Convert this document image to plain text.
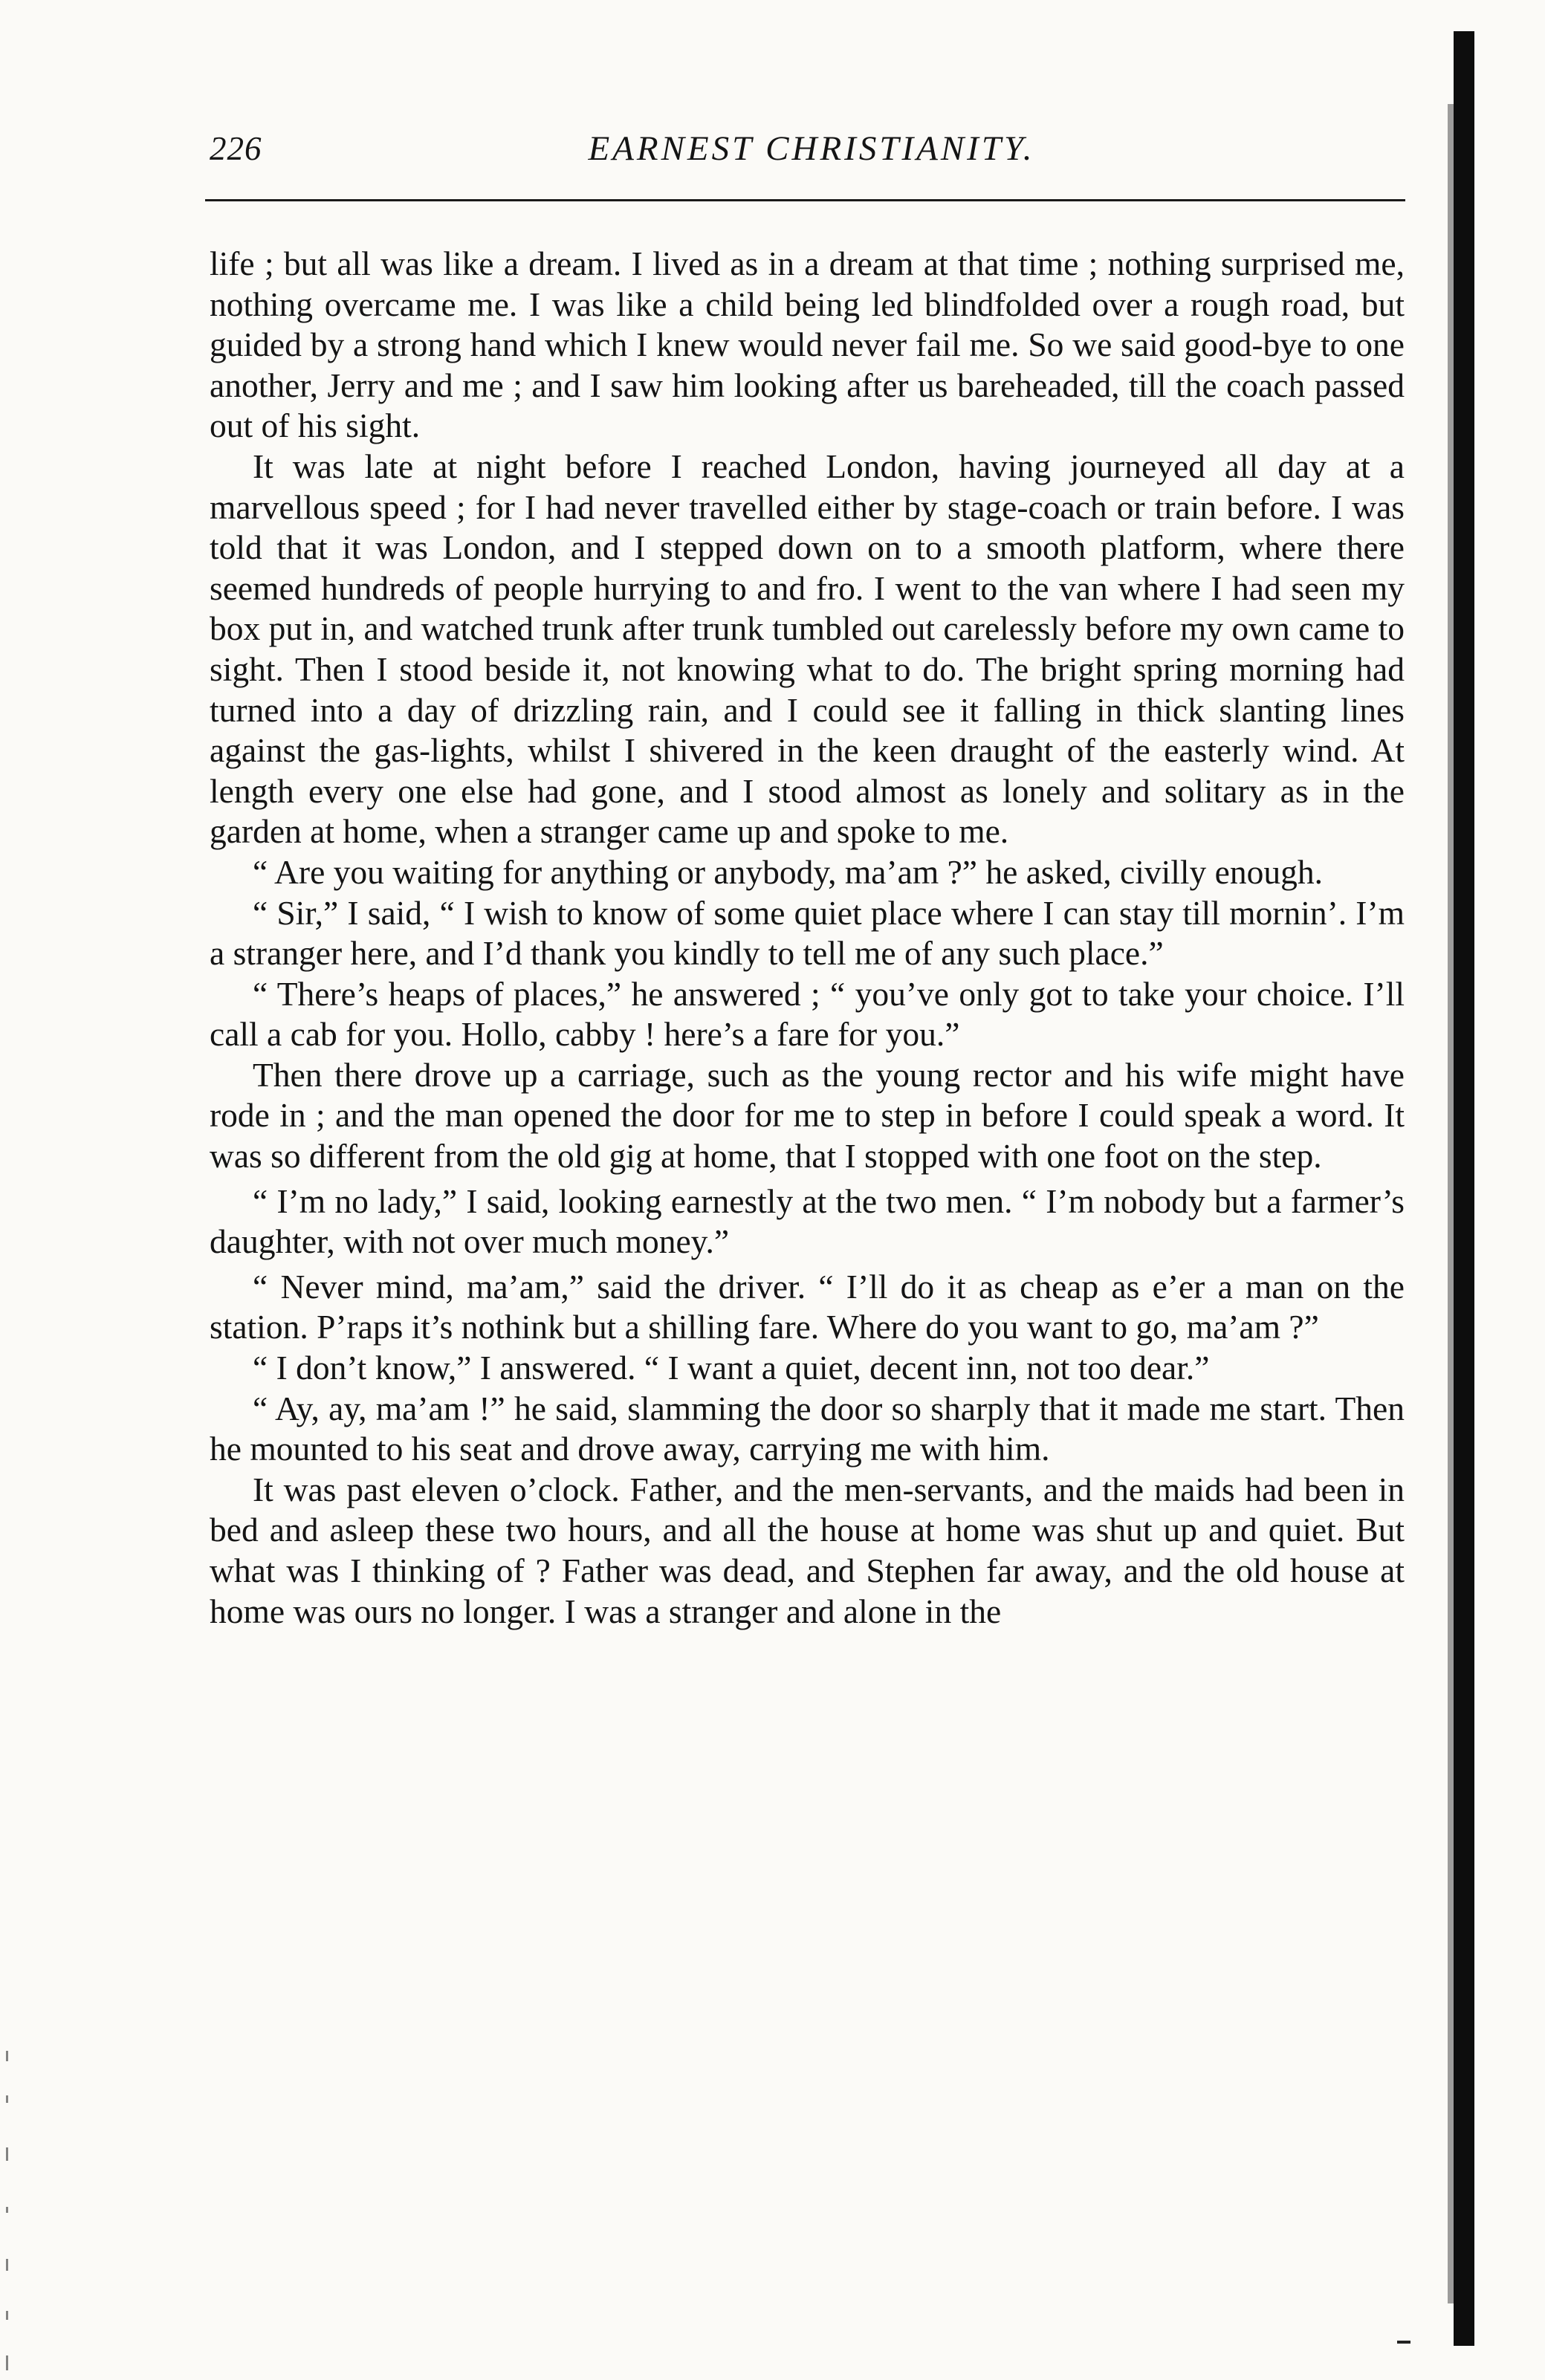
226	EARNEST CHRISTIANITY.

life ; but all was like a dream. I lived as in a dream at that time ; nothing surprised me, nothing overcame me. I was like a child being led blindfolded over a rough road, but guided by a strong hand which I knew would never fail me. So we said good-bye to one another, Jerry and me ; and I saw him looking after us bareheaded, till the coach passed out of his sight.

It was late at night before I reached London, having journeyed all day at a marvellous speed ; for I had never travelled either by stage-coach or train before. I was told that it was London, and I stepped down on to a smooth platform, where there seemed hundreds of people hurrying to and fro. I went to the van where I had seen my box put in, and watched trunk after trunk tumbled out carelessly before my own came to sight. Then I stood beside it, not knowing what to do. The bright spring morning had turned into a day of drizzling rain, and I could see it falling in thick slanting lines against the gas-lights, whilst I shivered in the keen draught of the easterly wind. At length every one else had gone, and I stood almost as lonely and solitary as in the garden at home, when a stranger came up and spoke to me.

“ Are you waiting for anything or anybody, ma’am ?” he asked, civilly enough.

“ Sir,” I said, “ I wish to know of some quiet place where I can stay till mornin’. I’m a stranger here, and I’d thank you kindly to tell me of any such place.”

“ There’s heaps of places,” he answered ; “ you’ve only got to take your choice. I’ll call a cab for you. Hollo, cabby ! here’s a fare for you.”

Then there drove up a carriage, such as the young rector and his wife might have rode in ; and the man opened the door for me to step in before I could speak a word. It was so different from the old gig at home, that I stopped with one foot on the step.

“ I’m no lady,” I said, looking earnestly at the two men. “ I’m nobody but a farmer’s daughter, with not over much money.”

“ Never mind, ma’am,” said the driver. “ I’ll do it as cheap as e’er a man on the station. P’raps it’s nothink but a shilling fare. Where do you want to go, ma’am ?”

“ I don’t know,” I answered. “ I want a quiet, decent inn, not too dear.”

“ Ay, ay, ma’am !” he said, slamming the door so sharply that it made me start. Then he mounted to his seat and drove away, carrying me with him.

It was past eleven o’clock. Father, and the men-servants, and the maids had been in bed and asleep these two hours, and all the house at home was shut up and quiet. But what was I thinking of ? Father was dead, and Stephen far away, and the old house at home was ours no longer. I was a stranger and alone in the
